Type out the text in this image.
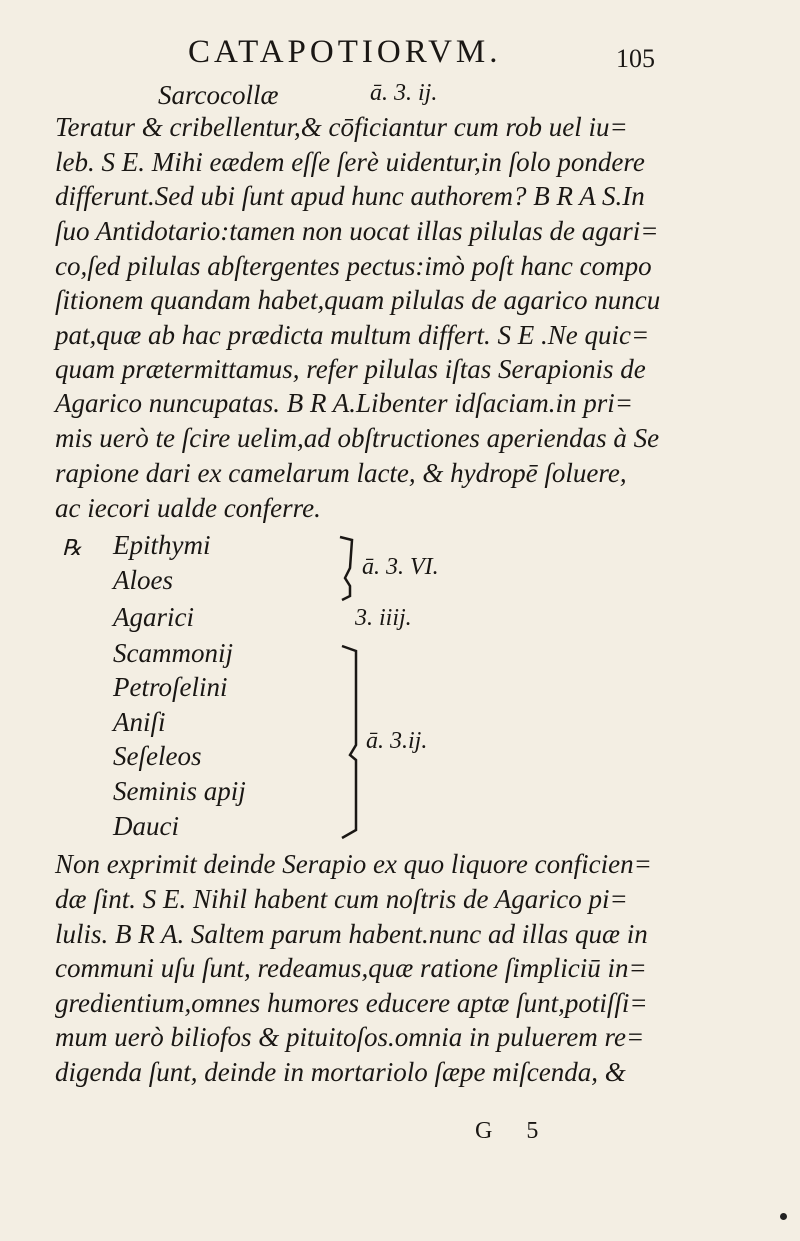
CATAPOTIORVM.	105
Sarcocollæ	ā. 3. ij.
Teratur & cribellentur,& cōficiantur cum rob uel iu=
leb. S E. Mihi eædem eſſe ſerè uidentur,in ſolo pondere
differunt.Sed ubi ſunt apud hunc authorem? B R A S.In
ſuo Antidotario:tamen non uocat illas pilulas de agari=
co,ſed pilulas abſtergentes pectus:imò poſt hanc compo
ſitionem quandam habet,quam pilulas de agarico nuncu
pat,quæ ab hac prædicta multum differt. S E .Ne quic=
quam prætermittamus, refer pilulas iſtas Serapionis de
Agarico nuncupatas. B R A.Libenter idſaciam.in pri=
mis uerò te ſcire uelim,ad obſtructiones aperiendas à Se
rapione dari ex camelarum lacte, & hydropē ſoluere,
ac iecori ualde conferre.
℞ Epithymi
Aloes
Agarici
Scammonij
Petroſelini
Aniſi
Seſeleos
Seminis apij
Dauci
ā. 3. VI.
3. iiij.
ā. 3.ij.
Non exprimit deinde Serapio ex quo liquore conficien=
dæ ſint. S E. Nihil habent cum noſtris de Agarico pi=
lulis. B R A. Saltem parum habent.nunc ad illas quæ in
communi uſu ſunt, redeamus,quæ ratione ſimpliciū in=
gredientium,omnes humores educere aptæ ſunt,potiſſi=
mum uerò biliofos & pituitoſos.omnia in puluerem re=
digenda ſunt, deinde in mortariolo ſæpe miſcenda, &
G 5
